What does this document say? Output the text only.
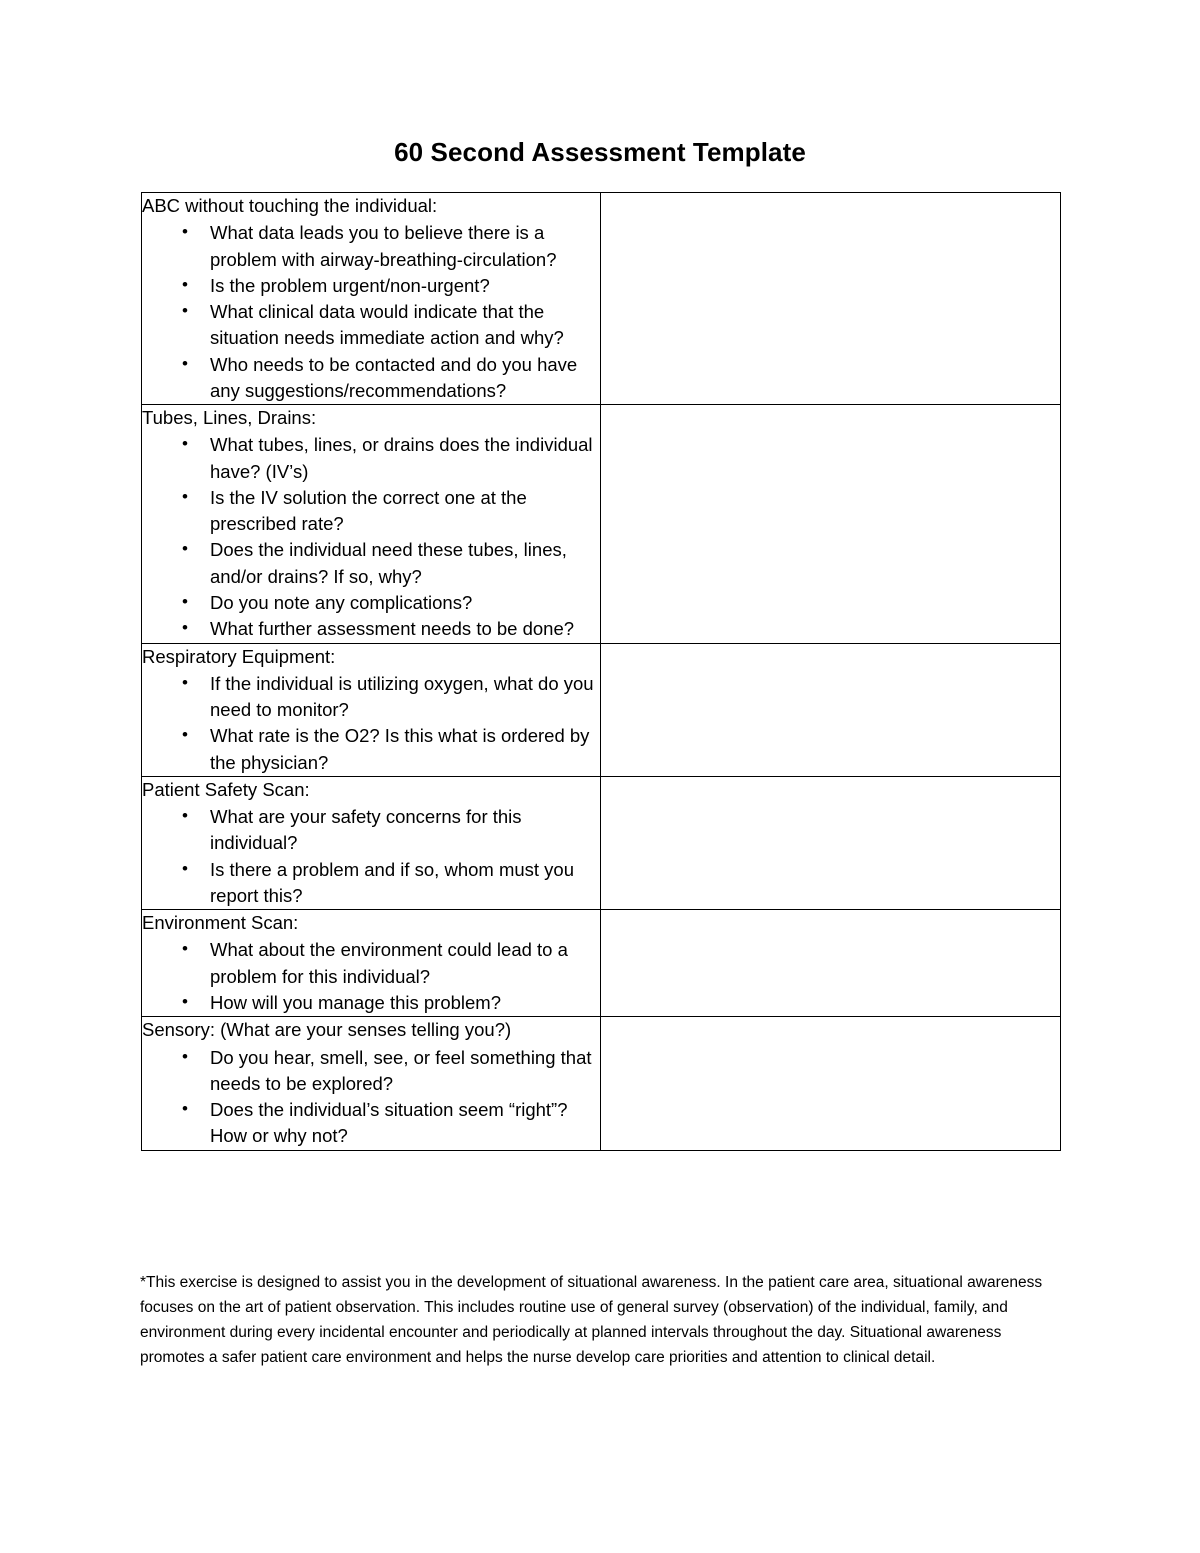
60 Second Assessment Template
ABC without touching the individual:
• What data leads you to believe there is a problem with airway-breathing-circulation?
• Is the problem urgent/non-urgent?
• What clinical data would indicate that the situation needs immediate action and why?
• Who needs to be contacted and do you have any suggestions/recommendations?

Tubes, Lines, Drains:
• What tubes, lines, or drains does the individual have? (IV’s)
• Is the IV solution the correct one at the prescribed rate?
• Does the individual need these tubes, lines, and/or drains? If so, why?
• Do you note any complications?
• What further assessment needs to be done?

Respiratory Equipment:
• If the individual is utilizing oxygen, what do you need to monitor?
• What rate is the O2? Is this what is ordered by the physician?

Patient Safety Scan:
• What are your safety concerns for this individual?
• Is there a problem and if so, whom must you report this?

Environment Scan:
• What about the environment could lead to a problem for this individual?
• How will you manage this problem?

Sensory: (What are your senses telling you?)
• Do you hear, smell, see, or feel something that needs to be explored?
• Does the individual’s situation seem “right”? How or why not?

*This exercise is designed to assist you in the development of situational awareness. In the patient care area, situational awareness focuses on the art of patient observation. This includes routine use of general survey (observation) of the individual, family, and environment during every incidental encounter and periodically at planned intervals throughout the day. Situational awareness promotes a safer patient care environment and helps the nurse develop care priorities and attention to clinical detail.
